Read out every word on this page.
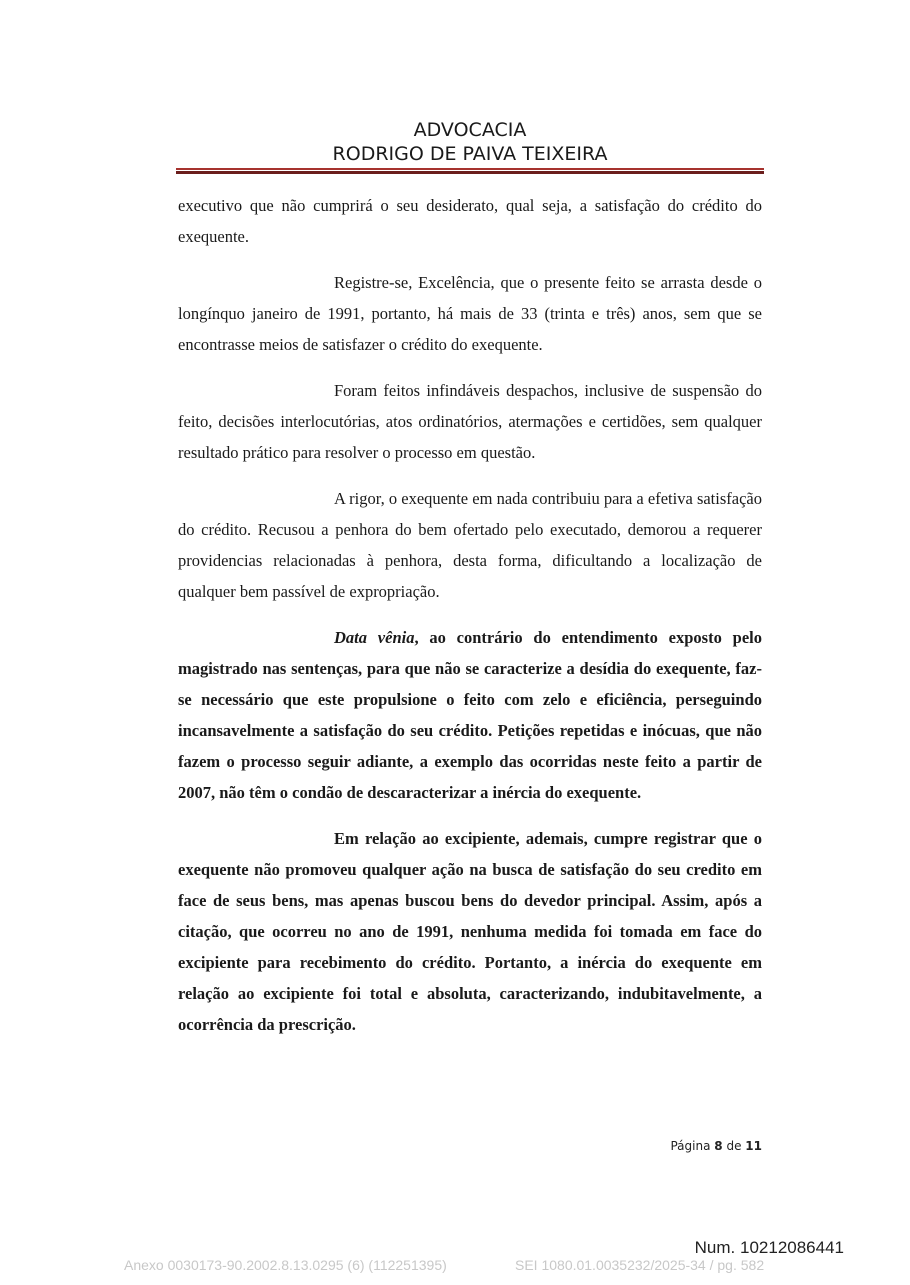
ADVOCACIA
RODRIGO DE PAIVA TEIXEIRA

executivo que não cumprirá o seu desiderato, qual seja, a satisfação do crédito do exequente.

Registre-se, Excelência, que o presente feito se arrasta desde o longínquo janeiro de 1991, portanto, há mais de 33 (trinta e três) anos, sem que se encontrasse meios de satisfazer o crédito do exequente.

Foram feitos infindáveis despachos, inclusive de suspensão do feito, decisões interlocutórias, atos ordinatórios, atermações e certidões, sem qualquer resultado prático para resolver o processo em questão.

A rigor, o exequente em nada contribuiu para a efetiva satisfação do crédito. Recusou a penhora do bem ofertado pelo executado, demorou a requerer providencias relacionadas à penhora, desta forma, dificultando a localização de qualquer bem passível de expropriação.

Data vênia, ao contrário do entendimento exposto pelo magistrado nas sentenças, para que não se caracterize a desídia do exequente, faz-se necessário que este propulsione o feito com zelo e eficiência, perseguindo incansavelmente a satisfação do seu crédito. Petições repetidas e inócuas, que não fazem o processo seguir adiante, a exemplo das ocorridas neste feito a partir de 2007, não têm o condão de descaracterizar a inércia do exequente.

Em relação ao excipiente, ademais, cumpre registrar que o exequente não promoveu qualquer ação na busca de satisfação do seu credito em face de seus bens, mas apenas buscou bens do devedor principal. Assim, após a citação, que ocorreu no ano de 1991, nenhuma medida foi tomada em face do excipiente para recebimento do crédito. Portanto, a inércia do exequente em relação ao excipiente foi total e absoluta, caracterizando, indubitavelmente, a ocorrência da prescrição.

Página 8 de 11
Num. 10212086441
Anexo 0030173-90.2002.8.13.0295 (6) (112251395)	SEI 1080.01.0035232/2025-34 / pg. 582
